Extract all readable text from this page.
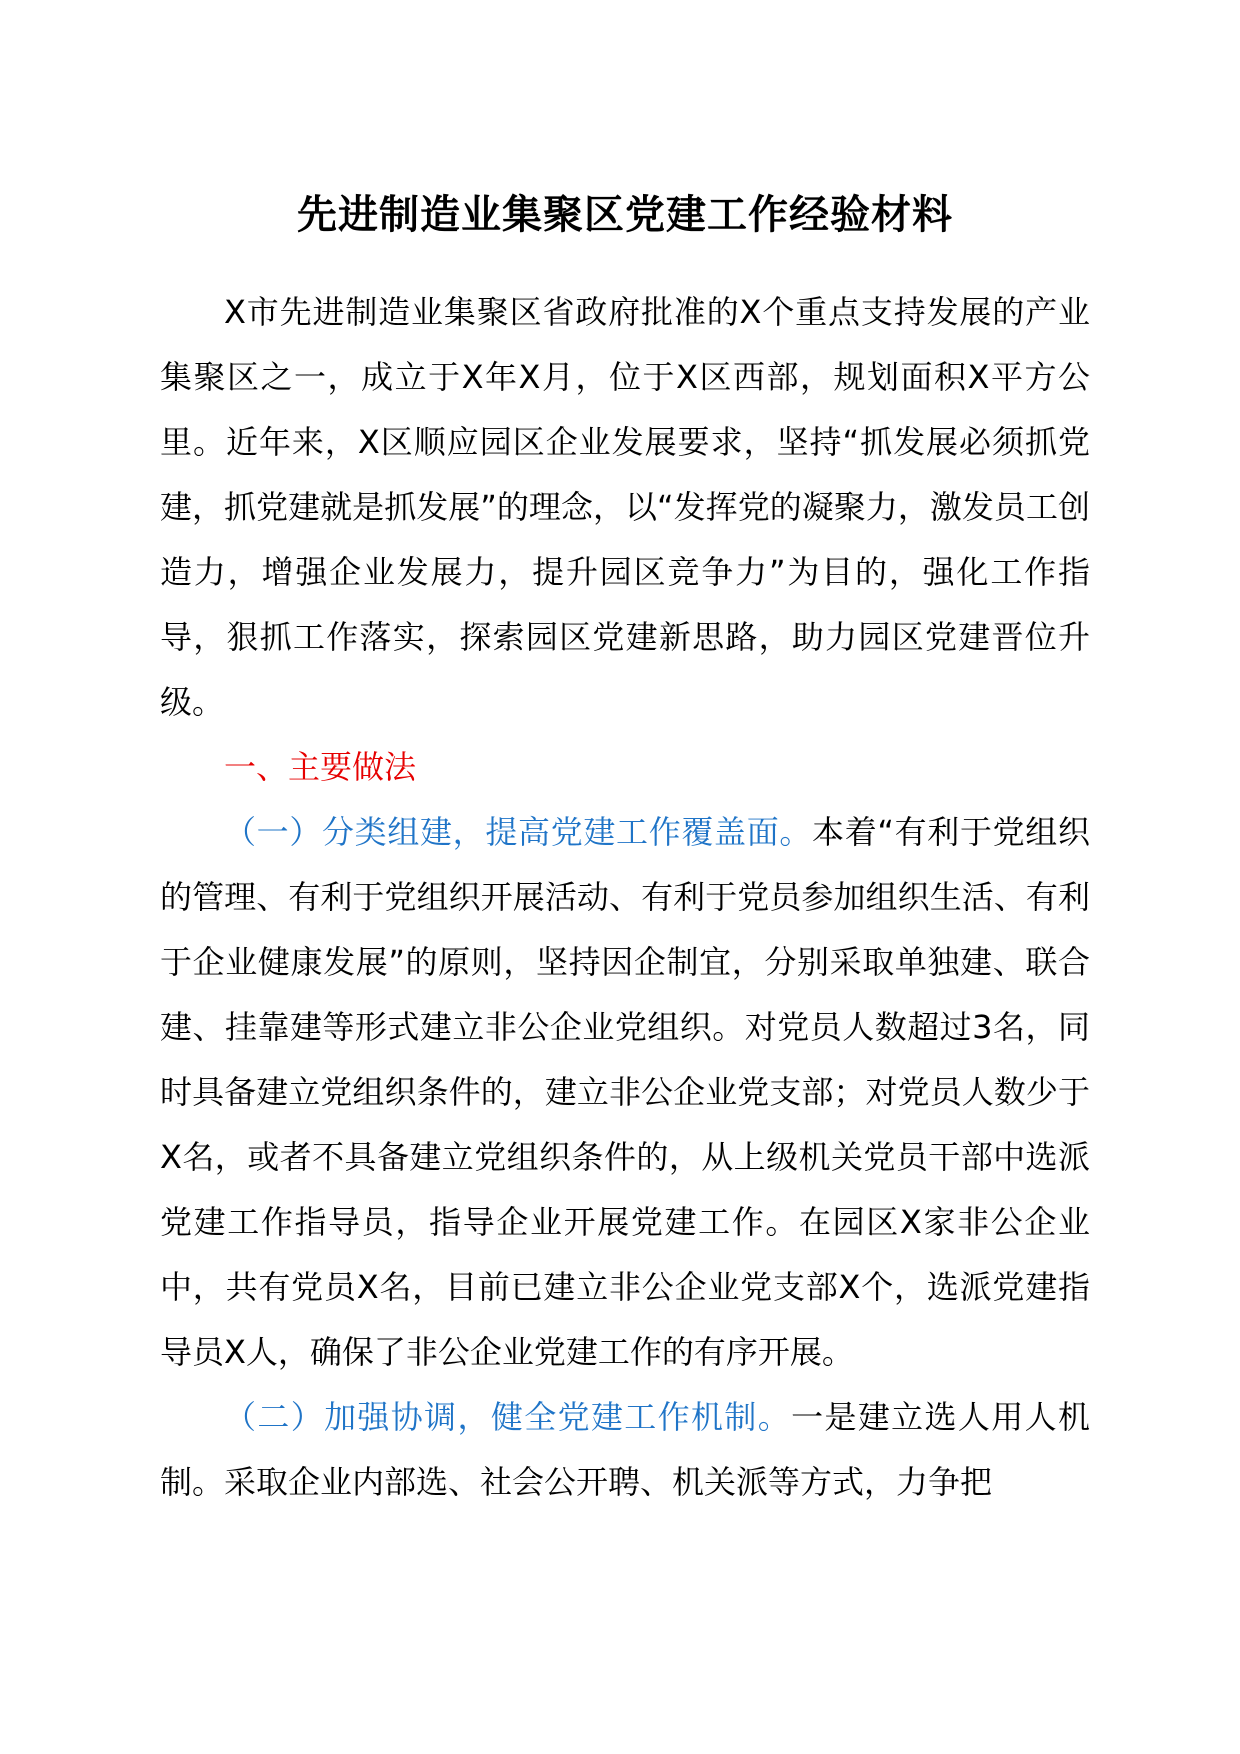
先进制造业集聚区党建工作经验材料

X市先进制造业集聚区省政府批准的X个重点支持发展的产业集聚区之一，成立于X年X月，位于X区西部，规划面积X平方公里。近年来，X区顺应园区企业发展要求，坚持“抓发展必须抓党建，抓党建就是抓发展”的理念，以“发挥党的凝聚力，激发员工创造力，增强企业发展力，提升园区竞争力”为目的，强化工作指导，狠抓工作落实，探索园区党建新思路，助力园区党建晋位升级。

一、主要做法

（一）分类组建，提高党建工作覆盖面。本着“有利于党组织的管理、有利于党组织开展活动、有利于党员参加组织生活、有利于企业健康发展”的原则，坚持因企制宜，分别采取单独建、联合建、挂靠建等形式建立非公企业党组织。对党员人数超过3名，同时具备建立党组织条件的，建立非公企业党支部；对党员人数少于X名，或者不具备建立党组织条件的，从上级机关党员干部中选派党建工作指导员，指导企业开展党建工作。在园区X家非公企业中，共有党员X名，目前已建立非公企业党支部X个，选派党建指导员X人，确保了非公企业党建工作的有序开展。

（二）加强协调，健全党建工作机制。一是建立选人用人机制。采取企业内部选、社会公开聘、机关派等方式，力争把
